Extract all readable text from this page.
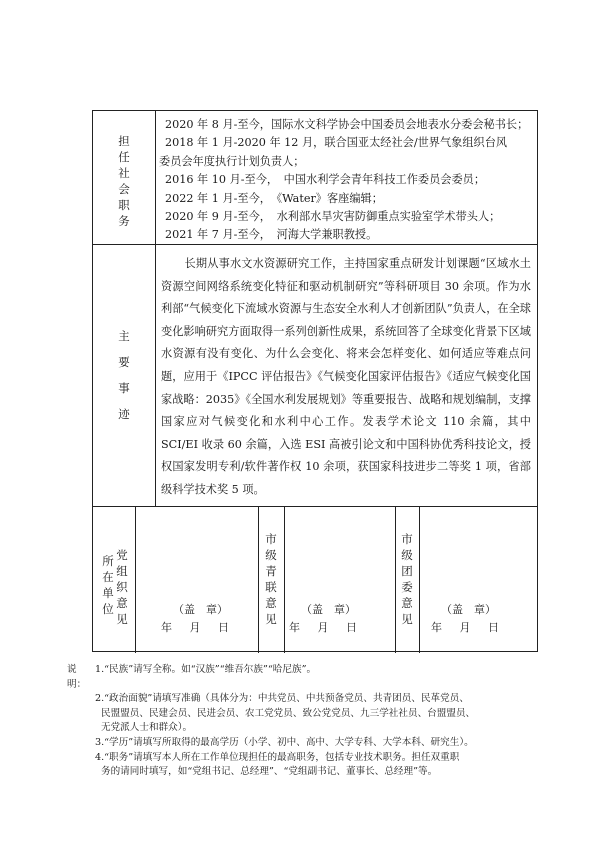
担
任
社
会
职
务
2020 年 8 月-至今，国际水文科学协会中国委员会地表水分委会秘书长；
2018 年 1 月-2020 年 12 月，联合国亚太经社会/世界气象组织台风
委员会年度执行计划负责人；
2016 年 10 月-至今，　中国水利学会青年科技工作委员会委员；
2022 年 1 月-至今，　《Water》客座编辑；
2020 年 9 月-至今，　水利部水旱灾害防御重点实验室学术带头人；
2021 年 7 月-至今，　河海大学兼职教授。
主
要
事
迹
长期从事水文水资源研究工作，主持国家重点研发计划课题“区域水土资源空间网络系统变化特征和驱动机制研究”等科研项目 30 余项。作为水利部“气候变化下流域水资源与生态安全水利人才创新团队”负责人，在全球变化影响研究方面取得一系列创新性成果，系统回答了全球变化背景下区域水资源有没有变化、为什么会变化、将来会怎样变化、如何适应等难点问题，应用于《IPCC 评估报告》《气候变化国家评估报告》《适应气候变化国家战略：2035》《全国水利发展规划》等重要报告、战略和规划编制，支撑国家应对气候变化和水利中心工作。发表学术论文 110 余篇，其中 SCI/EI 收录 60 余篇，入选 ESI 高被引论文和中国科协优秀科技论文，授权国家发明专利/软件著作权 10 余项，获国家科技进步二等奖 1 项，省部级科学技术奖 5 项。
所
在
单
位
党
组
织
意
见
市
级
青
联
意
见
市
级
团
委
意
见
（盖　章）
年 月 日
（盖　章）
年 月 日
（盖　章）
年 月 日
说明：
1.“民族”请写全称。如“汉族”“维吾尔族”“哈尼族”。
2.“政治面貌”请填写准确（具体分为：中共党员、中共预备党员、共青团员、民革党员、
民盟盟员、民建会员、民进会员、农工党党员、致公党党员、九三学社社员、台盟盟员、
无党派人士和群众）。
3.“学历”请填写所取得的最高学历（小学、初中、高中、大学专科、大学本科、研究生）。
4.“职务”请填写本人所在工作单位现担任的最高职务，包括专业技术职务。担任双重职
务的请同时填写，如“党组书记、总经理”、“党组副书记、董事长、总经理”等。
